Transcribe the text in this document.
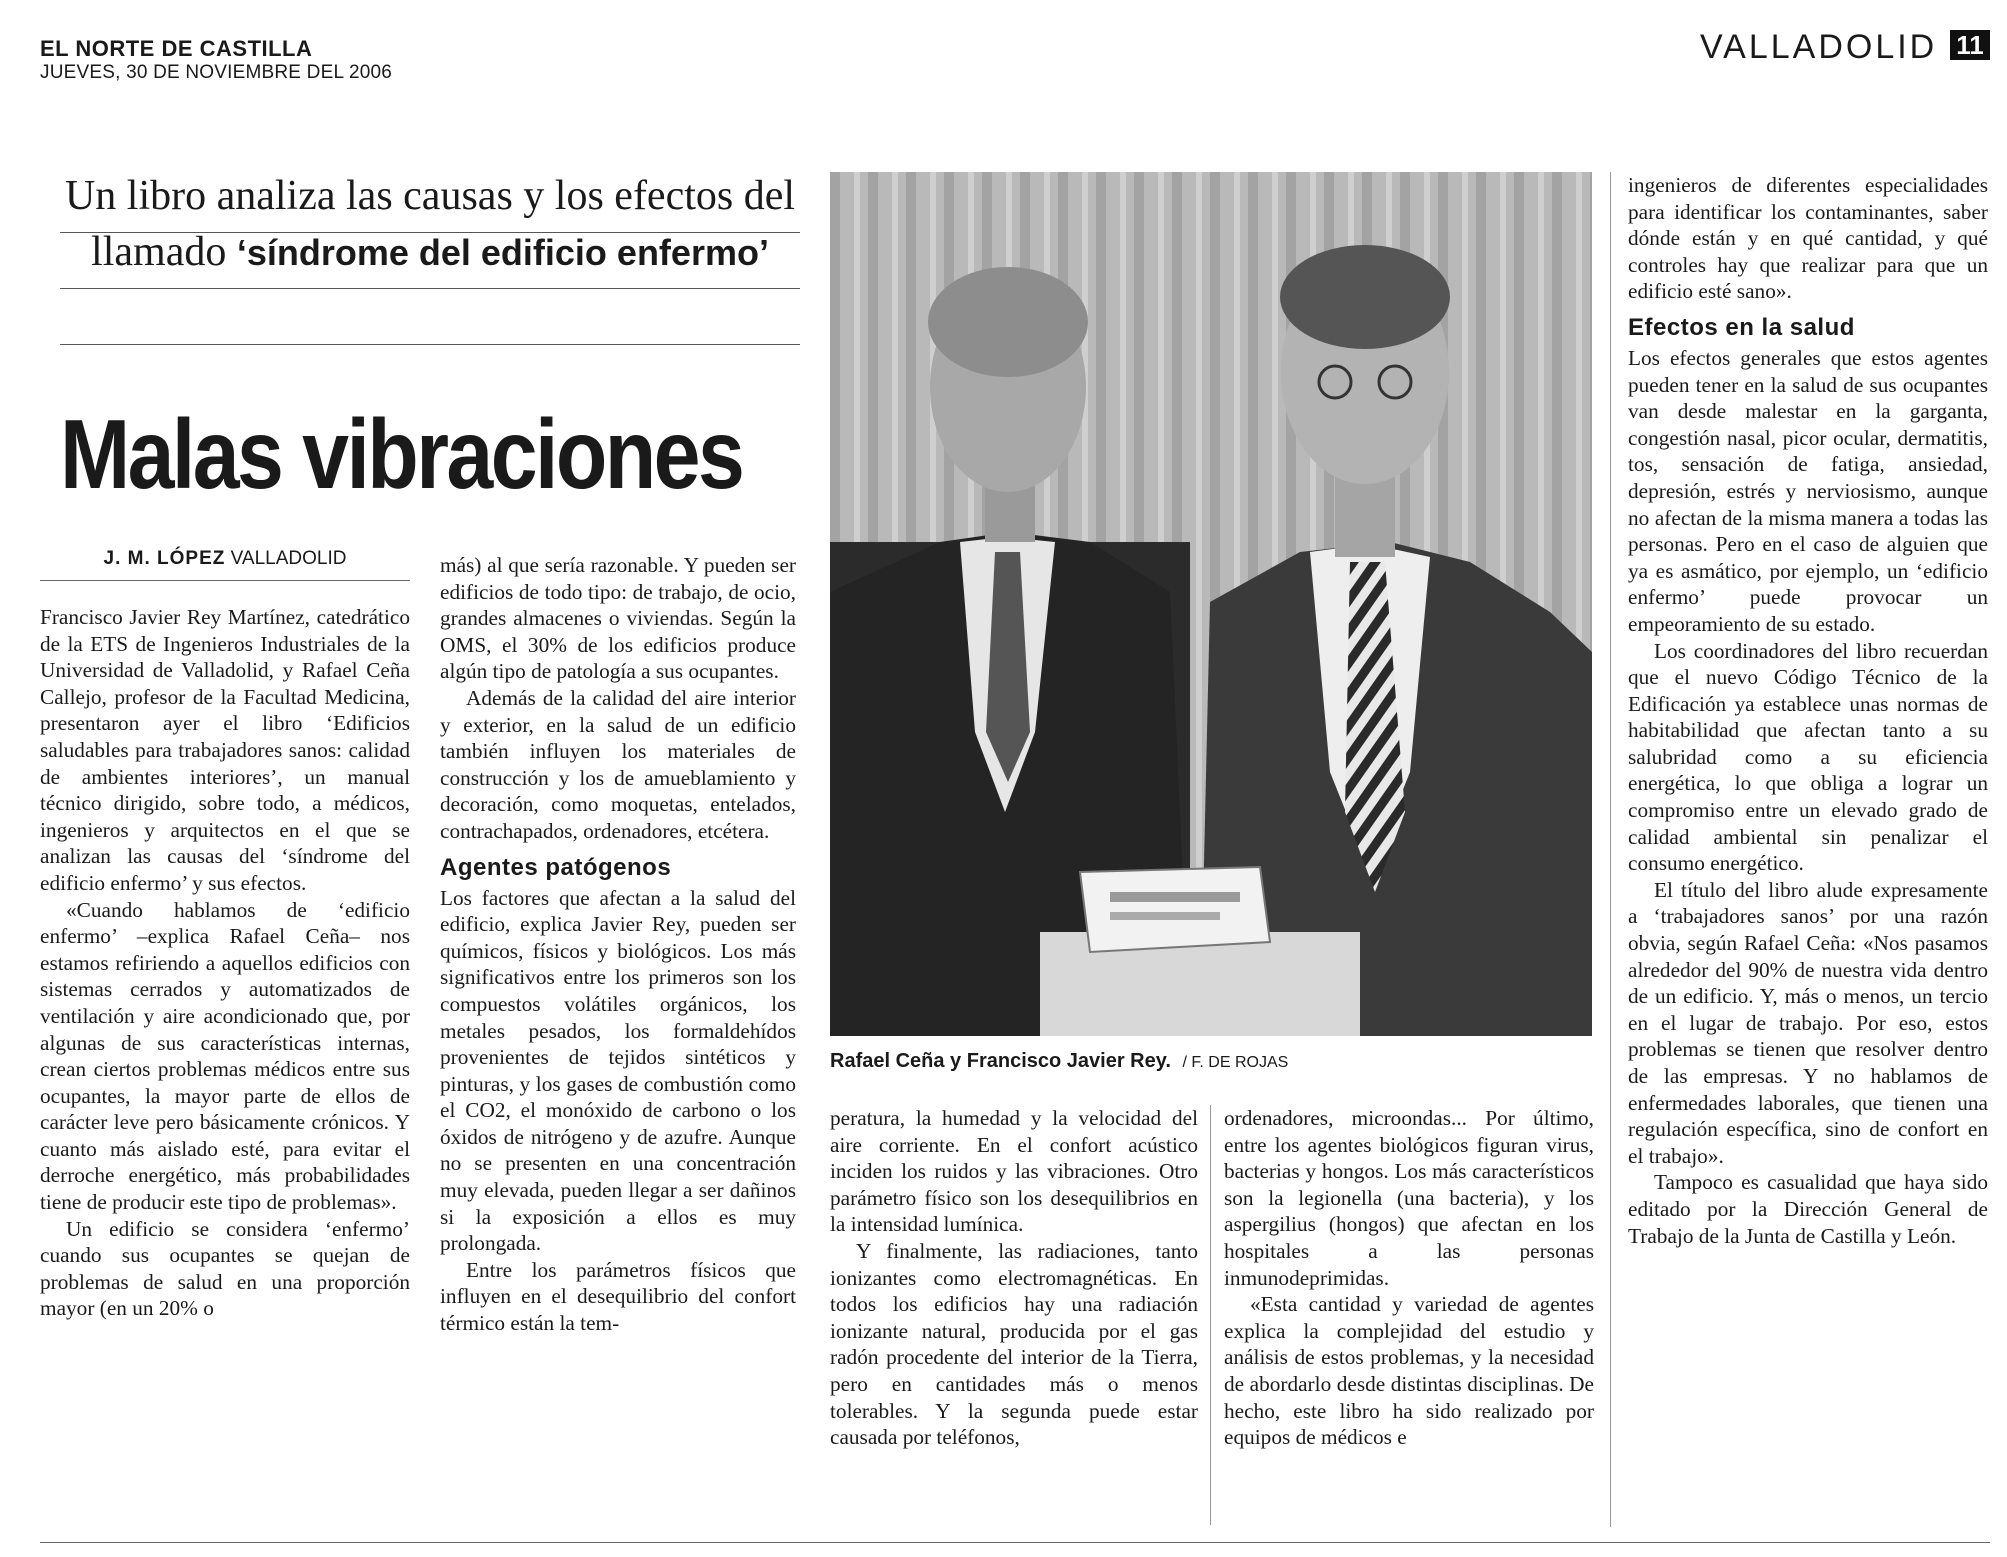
EL NORTE DE CASTILLA
JUEVES, 30 DE NOVIEMBRE DEL 2006
VALLADOLID 11
Un libro analiza las causas y los efectos del llamado ‘síndrome del edificio enfermo’
Malas vibraciones
J. M. LÓPEZ VALLADOLID

Francisco Javier Rey Martínez, catedrático de la ETS de Ingenieros Industriales de la Universidad de Valladolid, y Rafael Ceña Callejo, profesor de la Facultad Medicina, presentaron ayer el libro ‘Edificios saludables para trabajadores sanos: calidad de ambientes interiores’, un manual técnico dirigido, sobre todo, a médicos, ingenieros y arquitectos en el que se analizan las causas del ‘síndrome del edificio enfermo’ y sus efectos.

«Cuando hablamos de ‘edificio enfermo’ –explica Rafael Ceña– nos estamos refiriendo a aquellos edificios con sistemas cerrados y automatizados de ventilación y aire acondicionado que, por algunas de sus características internas, crean ciertos problemas médicos entre sus ocupantes, la mayor parte de ellos de carácter leve pero básicamente crónicos. Y cuanto más aislado esté, para evitar el derroche energético, más probabilidades tiene de producir este tipo de problemas».

Un edificio se considera ‘enfermo’ cuando sus ocupantes se quejan de problemas de salud en una proporción mayor (en un 20% o

más) al que sería razonable. Y pueden ser edificios de todo tipo: de trabajo, de ocio, grandes almacenes o viviendas. Según la OMS, el 30% de los edificios produce algún tipo de patología a sus ocupantes.

Además de la calidad del aire interior y exterior, en la salud de un edificio también influyen los materiales de construcción y los de amueblamiento y decoración, como moquetas, entelados, contrachapados, ordenadores, etcétera.

Agentes patógenos

Los factores que afectan a la salud del edificio, explica Javier Rey, pueden ser químicos, físicos y biológicos. Los más significativos entre los primeros son los compuestos volátiles orgánicos, los metales pesados, los formaldehídos provenientes de tejidos sintéticos y pinturas, y los gases de combustión como el CO2, el monóxido de carbono o los óxidos de nitrógeno y de azufre. Aunque no se presenten en una concentración muy elevada, pueden llegar a ser dañinos si la exposición a ellos es muy prolongada.

Entre los parámetros físicos que influyen en el desequilibrio del confort térmico están la tem-

Rafael Ceña y Francisco Javier Rey. / F. DE ROJAS

peratura, la humedad y la velocidad del aire corriente. En el confort acústico inciden los ruidos y las vibraciones. Otro parámetro físico son los desequilibrios en la intensidad lumínica.

Y finalmente, las radiaciones, tanto ionizantes como electromagnéticas. En todos los edificios hay una radiación ionizante natural, producida por el gas radón procedente del interior de la Tierra, pero en cantidades más o menos tolerables. Y la segunda puede estar causada por teléfonos,

ordenadores, microondas... Por último, entre los agentes biológicos figuran virus, bacterias y hongos. Los más característicos son la legionella (una bacteria), y los aspergilius (hongos) que afectan en los hospitales a las personas inmunodeprimidas.

«Esta cantidad y variedad de agentes explica la complejidad del estudio y análisis de estos problemas, y la necesidad de abordarlo desde distintas disciplinas. De hecho, este libro ha sido realizado por equipos de médicos e

ingenieros de diferentes especialidades para identificar los contaminantes, saber dónde están y en qué cantidad, y qué controles hay que realizar para que un edificio esté sano».

Efectos en la salud

Los efectos generales que estos agentes pueden tener en la salud de sus ocupantes van desde malestar en la garganta, congestión nasal, picor ocular, dermatitis, tos, sensación de fatiga, ansiedad, depresión, estrés y nerviosismo, aunque no afectan de la misma manera a todas las personas. Pero en el caso de alguien que ya es asmático, por ejemplo, un ‘edificio enfermo’ puede provocar un empeoramiento de su estado.

Los coordinadores del libro recuerdan que el nuevo Código Técnico de la Edificación ya establece unas normas de habitabilidad que afectan tanto a su salubridad como a su eficiencia energética, lo que obliga a lograr un compromiso entre un elevado grado de calidad ambiental sin penalizar el consumo energético.

El título del libro alude expresamente a ‘trabajadores sanos’ por una razón obvia, según Rafael Ceña: «Nos pasamos alrededor del 90% de nuestra vida dentro de un edificio. Y, más o menos, un tercio en el lugar de trabajo. Por eso, estos problemas se tienen que resolver dentro de las empresas. Y no hablamos de enfermedades laborales, que tienen una regulación específica, sino de confort en el trabajo».

Tampoco es casualidad que haya sido editado por la Dirección General de Trabajo de la Junta de Castilla y León.
